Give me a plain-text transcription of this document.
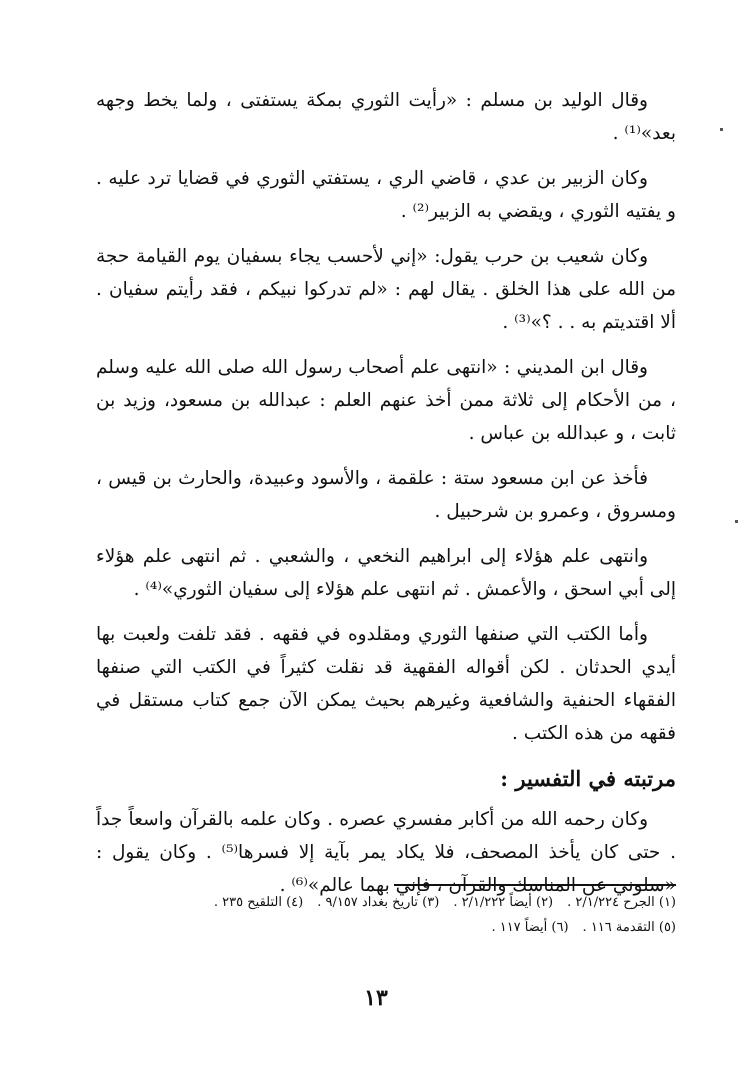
وقال الوليد بن مسلم : «رأيت الثوري بمكة يستفتى ، ولما يخط وجهه بعد»⁽¹⁾ .

وكان الزبير بن عدي ، قاضي الري ، يستفتي الثوري في قضايا ترد عليه . و يفتيه الثوري ، ويقضي به الزبير⁽²⁾ .

وكان شعيب بن حرب يقول: «إني لأحسب يجاء بسفيان يوم القيامة حجة من الله على هذا الخلق . يقال لهم : «لم تدركوا نبيكم ، فقد رأيتم سفيان . ألا اقتديتم به . . ؟»⁽³⁾ .

وقال ابن المديني : «انتهى علم أصحاب رسول الله صلى الله عليه وسلم ، من الأحكام إلى ثلاثة ممن أخذ عنهم العلم : عبدالله بن مسعود، وزيد بن ثابت ، و عبدالله بن عباس .

فأخذ عن ابن مسعود ستة : علقمة ، والأسود وعبيدة، والحارث بن قيس ، ومسروق ، وعمرو بن شرحبيل .

وانتهى علم هؤلاء إلى ابراهيم النخعي ، والشعبي . ثم انتهى علم هؤلاء إلى أبي اسحق ، والأعمش . ثم انتهى علم هؤلاء إلى سفيان الثوري»⁽⁴⁾ .

وأما الكتب التي صنفها الثوري ومقلدوه في فقهه . فقد تلفت ولعبت بها أيدي الحدثان . لكن أقواله الفقهية قد نقلت كثيراً في الكتب التي صنفها الفقهاء الحنفية والشافعية وغيرهم بحيث يمكن الآن جمع كتاب مستقل في فقهه من هذه الكتب .

مرتبته في التفسير :

وكان رحمه الله من أكابر مفسري عصره . وكان علمه بالقرآن واسعاً جداً . حتى كان يأخذ المصحف، فلا يكاد يمر بآية إلا فسرها⁽⁵⁾ . وكان يقول : «سلوني عن المناسك والقرآن ، فإني بهما عالم»⁽⁶⁾ .

(١) الجرح ٢/١/٢٢٤ .
(٢) أيضاً ٢/١/٢٢٢ .
(٣) تاريخ بغداد ٩/١٥٧ .
(٤) التلقيح ٢٣٥ .
(٥) التقدمة ١١٦ .
(٦) أيضاً ١١٧ .
١٣
